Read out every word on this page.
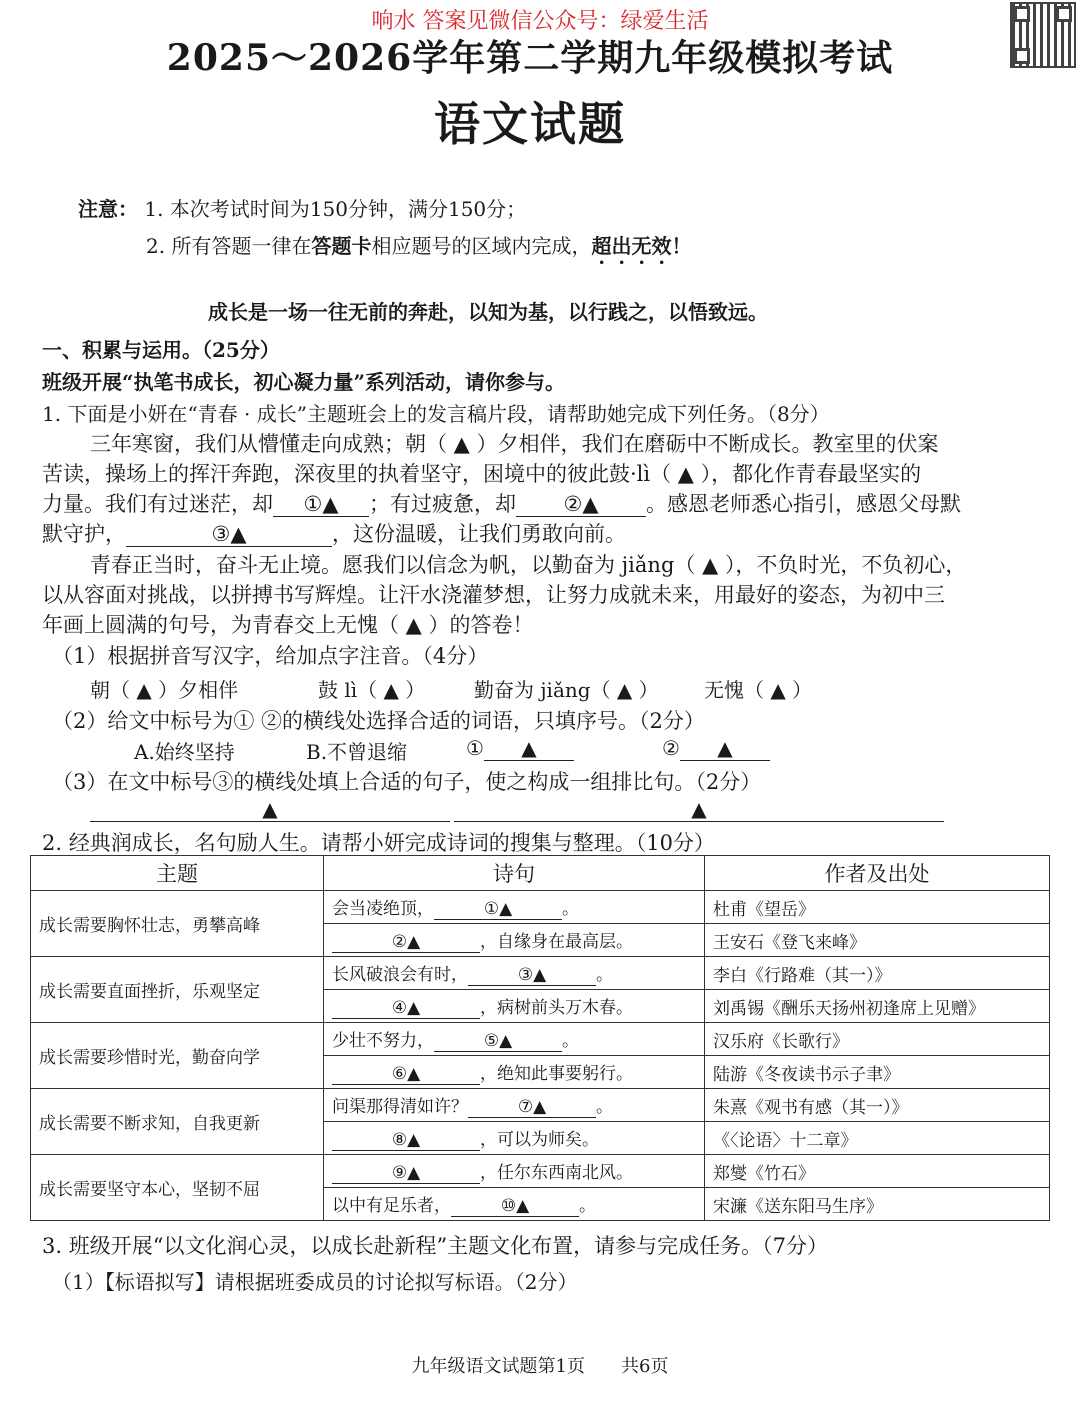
响水 答案见微信公众号：绿爱生活
2025～2026学年第二学期九年级模拟考试
语文试题
注意： 1. 本次考试时间为150分钟，满分150分；
2. 所有答题一律在答题卡相应题号的区域内完成，超出无效！
成长是一场一往无前的奔赴，以知为基，以行践之，以悟致远。
一、积累与运用。（25分）
班级开展“执笔书成长，初心凝力量”系列活动，请你参与。
1. 下面是小妍在“青春 · 成长”主题班会上的发言稿片段，请帮助她完成下列任务。（8分）
三年寒窗，我们从懵懂走向成熟；朝（ ▲ ）夕相伴，我们在磨砺中不断成长。教室里的伏案
苦读，操场上的挥汗奔跑，深夜里的执着坚守，困境中的彼此鼓·lì（ ▲ ），都化作青春最坚实的
力量。我们有过迷茫，却 ①▲ ；有过疲惫，却 ②▲ 。感恩老师悉心指引，感恩父母默
默守护，	③▲	，这份温暖，让我们勇敢向前。
青春正当时，奋斗无止境。愿我们以信念为帆，以勤奋为 jiǎng（ ▲ ），不负时光，不负初心，
以从容面对挑战，以拼搏书写辉煌。让汗水浇灌梦想，让努力成就未来，用最好的姿态，为初中三
年画上圆满的句号，为青春交上无愧（ ▲ ）的答卷！
（1）根据拼音写汉字，给加点字注音。（4分）
朝（ ▲ ）夕相伴	鼓 lì（ ▲ ） 勤奋为 jiǎng（ ▲ ） 无愧（ ▲ ）
（2）给文中标号为① ②的横线处选择合适的词语，只填序号。（2分）
A.始终坚持	B.不曾退缩	① ▲	② ▲
（3）在文中标号③的横线处填上合适的句子，使之构成一组排比句。（2分）
▲	▲
2. 经典润成长，名句励人生。请帮小妍完成诗词的搜集与整理。（10分）
主题	诗句	作者及出处
成长需要胸怀壮志，勇攀高峰	会当凌绝顶， ①▲ 。	杜甫《望岳》
	②▲ ，自缘身在最高层。	王安石《登飞来峰》
成长需要直面挫折，乐观坚定	长风破浪会有时， ③▲ 。	李白《行路难（其一）》
	④▲ ，病树前头万木春。	刘禹锡《酬乐天扬州初逢席上见赠》
成长需要珍惜时光，勤奋向学	少壮不努力， ⑤▲ 。	汉乐府《长歌行》
	⑥▲ ，绝知此事要躬行。	陆游《冬夜读书示子聿》
成长需要不断求知，自我更新	问渠那得清如许？ ⑦▲ 。	朱熹《观书有感（其一）》
	⑧▲ ，可以为师矣。	《〈论语〉十二章》
成长需要坚守本心，坚韧不屈	⑨▲ ，任尔东西南北风。	郑燮《竹石》
	以中有足乐者， ⑩▲ 。	宋濂《送东阳马生序》
3. 班级开展“以文化润心灵，以成长赴新程”主题文化布置，请参与完成任务。（7分）
（1）【标语拟写】请根据班委成员的讨论拟写标语。（2分）
九年级语文试题第1页　　共6页
